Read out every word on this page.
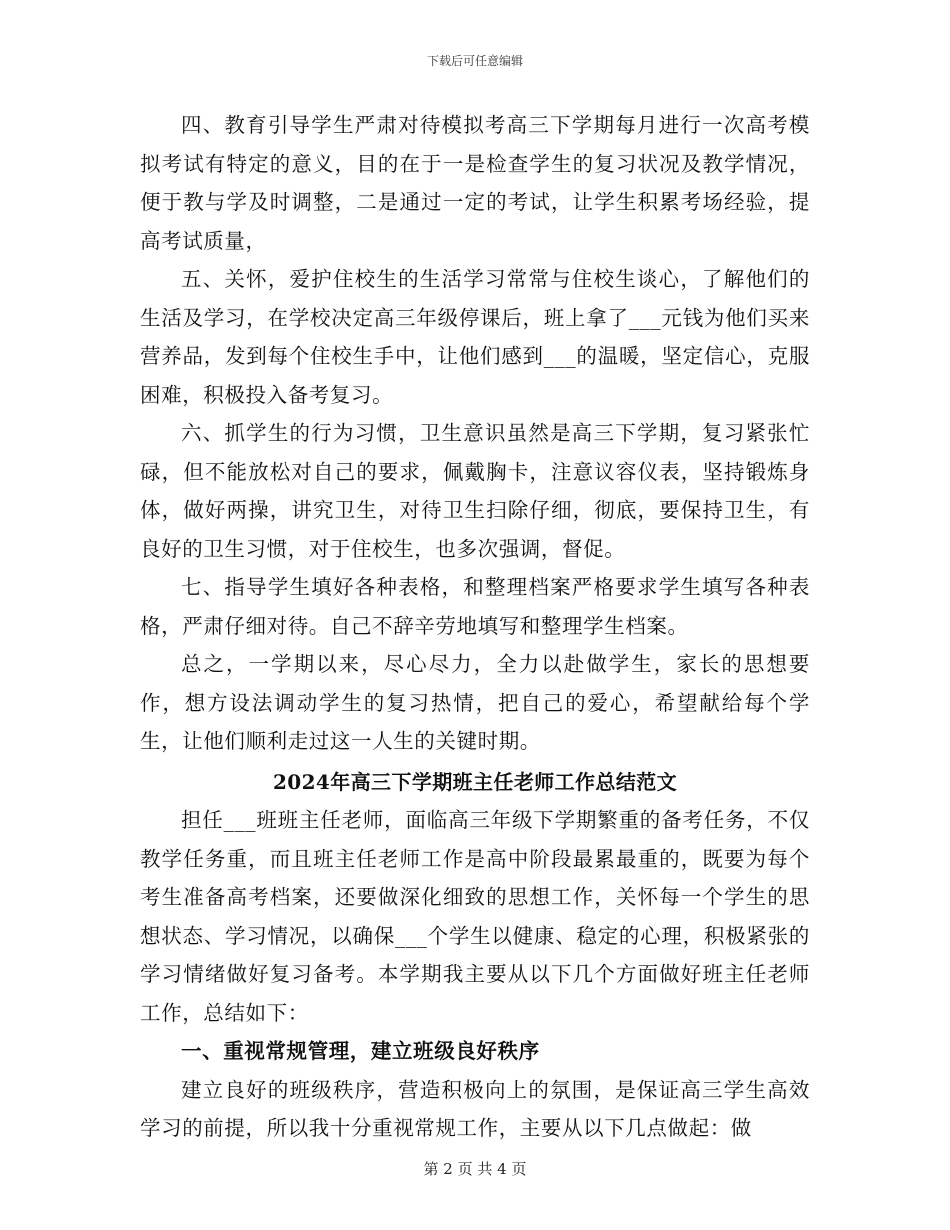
下载后可任意编辑

四、教育引导学生严肃对待模拟考高三下学期每月进行一次高考模拟考试有特定的意义，目的在于一是检查学生的复习状况及教学情况，便于教与学及时调整，二是通过一定的考试，让学生积累考场经验，提高考试质量，

五、关怀，爱护住校生的生活学习常常与住校生谈心，了解他们的生活及学习，在学校决定高三年级停课后，班上拿了___元钱为他们买来营养品，发到每个住校生手中，让他们感到___的温暖，坚定信心，克服困难，积极投入备考复习。

六、抓学生的行为习惯，卫生意识虽然是高三下学期，复习紧张忙碌，但不能放松对自己的要求，佩戴胸卡，注意议容仪表，坚持锻炼身体，做好两操，讲究卫生，对待卫生扫除仔细，彻底，要保持卫生，有良好的卫生习惯，对于住校生，也多次强调，督促。

七、指导学生填好各种表格，和整理档案严格要求学生填写各种表格，严肃仔细对待。自己不辞辛劳地填写和整理学生档案。

总之，一学期以来，尽心尽力，全力以赴做学生，家长的思想要作，想方设法调动学生的复习热情，把自己的爱心，希望献给每个学生，让他们顺利走过这一人生的关键时期。

2024年高三下学期班主任老师工作总结范文

担任___班班主任老师，面临高三年级下学期繁重的备考任务，不仅教学任务重，而且班主任老师工作是高中阶段最累最重的，既要为每个考生准备高考档案，还要做深化细致的思想工作，关怀每一个学生的思想状态、学习情况，以确保___个学生以健康、稳定的心理，积极紧张的学习情绪做好复习备考。本学期我主要从以下几个方面做好班主任老师工作，总结如下：

一、重视常规管理，建立班级良好秩序

建立良好的班级秩序，营造积极向上的氛围，是保证高三学生高效学习的前提，所以我十分重视常规工作，主要从以下几点做起：做

第 2 页 共 4 页
